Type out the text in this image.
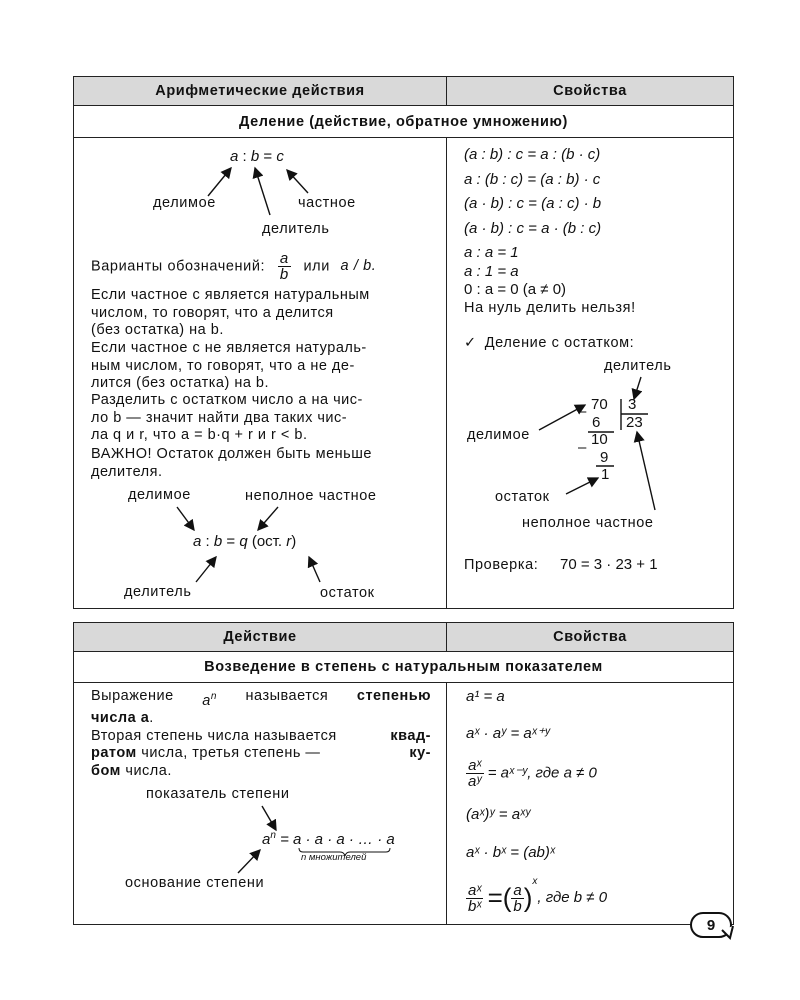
Арифметические действия	Свойства
Деление (действие, обратное умножению)
a : b = c
делимое	частное
делитель
Варианты обозначений: $\frac{a}{b}$ или a / b.
Если частное c является натуральным
числом, то говорят, что a делится
(без остатка) на b.
Если частное c не является натураль-
ным числом, то говорят, что a не де-
лится (без остатка) на b.
Разделить с остатком число a на чис-
ло b — значит найти два таких чис-
ла q и r, что a = b·q + r и r < b.
ВАЖНО! Остаток должен быть меньше
делителя.
делимое	неполное частное
a : b = q (ост. r)
делитель	остаток
(a : b) : c = a : (b · c)
a : (b : c) = (a : b) · c
(a · b) : c = (a : c) · b
(a · b) : c = a · (b : c)
a : a = 1
a : 1 = a
0 : a = 0 (a ≠ 0)
На нуль делить нельзя!
✓ Деление с остатком:
делитель
делимое
остаток
неполное частное
– 70 3
6 23
– 10
9
1
Проверка: 70 = 3 · 23 + 1
Действие	Свойства
Возведение в степень с натуральным показателем
Выражение $a^n$ называется степенью
числа a.
Вторая степень числа называется	квад-
ратом числа, третья степень —	ку-
бом числа.
показатель степени
$a^n = a \cdot a \cdot a$ · … · a
n множителей
основание степени
a¹ = a
aˣ · aʸ = aˣ⁺ʸ
$\frac{\text{aˣ}}{\text{aʸ}}$ = aˣ⁻ʸ, где a ≠ 0
(aˣ)ʸ = aˣʸ
aˣ · bˣ = (ab)ˣ
$\frac{\text{aˣ}}{\text{bˣ}}$ =( $\frac{a}{b} )^x$, где b ≠ 0
9
